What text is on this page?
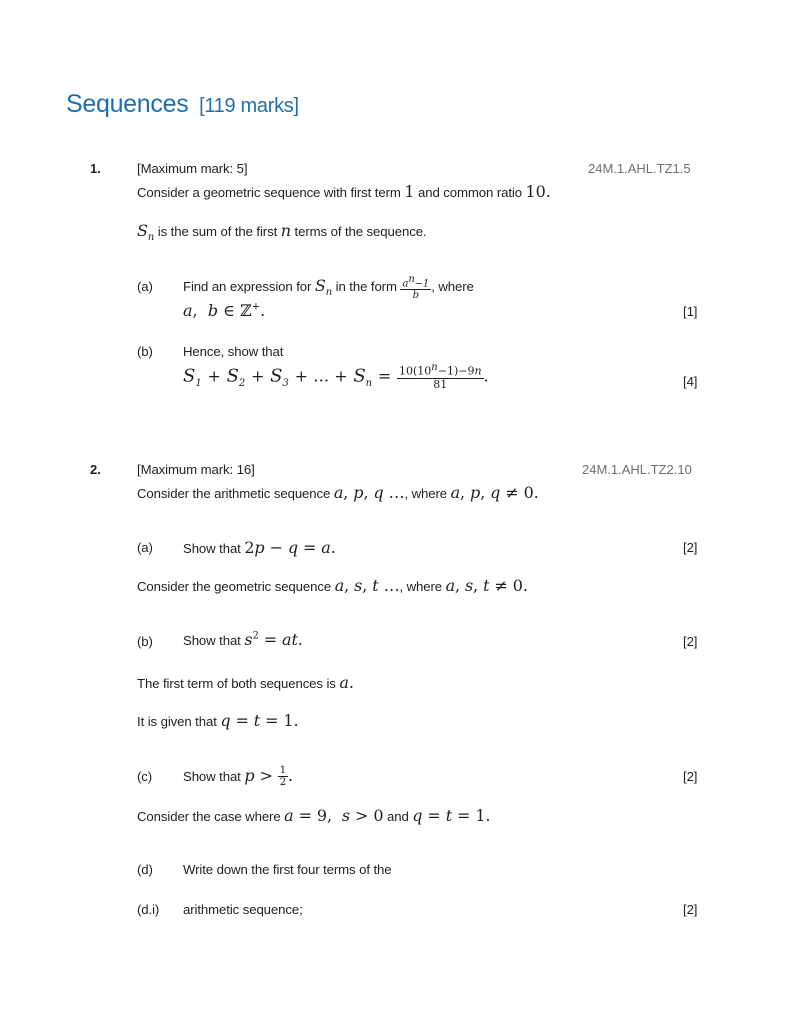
Sequences [119 marks]
1.	[Maximum mark: 5]	24M.1.AHL.TZ1.5
Consider a geometric sequence with first term 1 and common ratio 10.
$S_n$ is the sum of the first n terms of the sequence.
(a) Find an expression for $S_n$ in the form $\frac{a^n-1}{b}$ , where
a,  b ∈ ℤ+.	[1]
(b) Hence, show that
$S_1 + S_2 + S_3$ + … + $S_n = \frac{10(10^n-1)-9n}{81}$ .	[4]
2.	[Maximum mark: 16]	24M.1.AHL.TZ2.10
Consider the arithmetic sequence a, p, q …, where a, p, q ≠ 0.
(a) Show that 2p − q = a.	[2]
Consider the geometric sequence a, s, t …, where a, s, t ≠ 0.
(b) Show that $s^2$ = at.	[2]
The first term of both sequences is a.
It is given that q = t = 1.
(c) Show that $p > \frac{1}{2}$ .	[2]
Consider the case where a = 9,  s > 0 and q = t = 1.
(d) Write down the first four terms of the
(d.i) arithmetic sequence;	[2]
